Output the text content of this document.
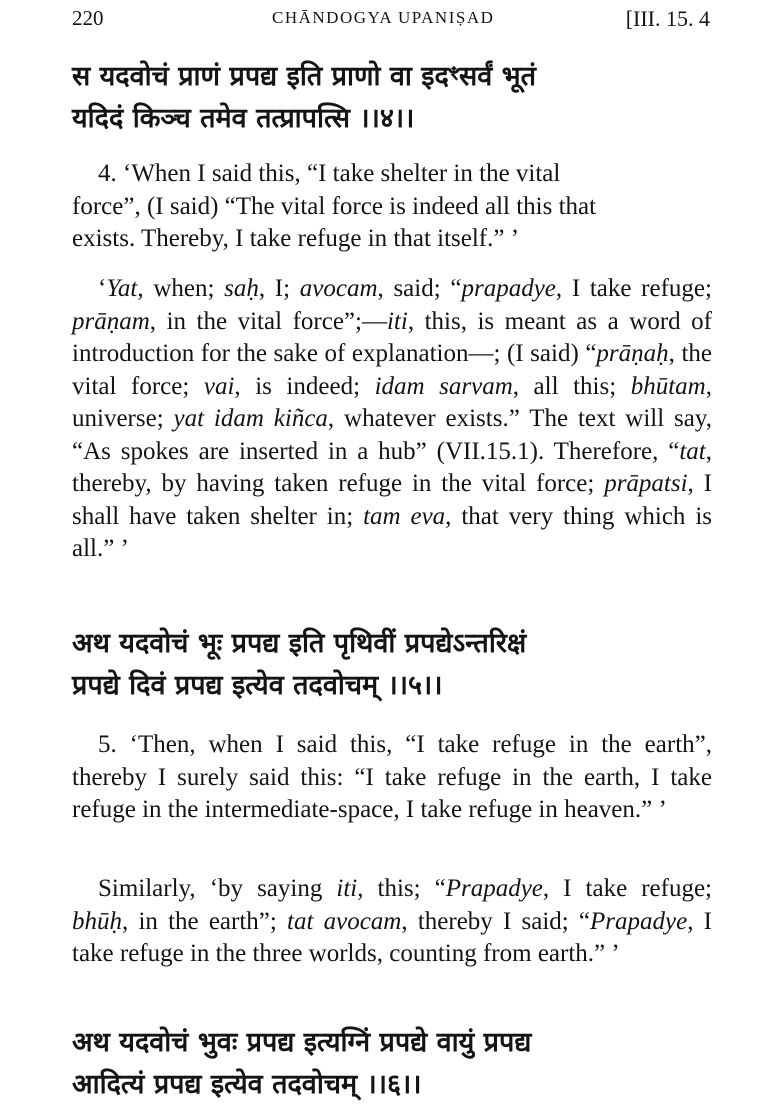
220	CHĀNDOGYA UPANIṢAD	[III. 15. 4
स यदवोचं प्राणं प्रपद्य इति प्राणो वा इदꣳसर्वं भूतं
यदिदं किञ्च तमेव तत्प्रापत्सि ।।४।।
4. ‘When I said this, “I take shelter in the vital
force”, (I said) “The vital force is indeed all this that
exists. Thereby, I take refuge in that itself.” ’
‘Yat, when; saḥ, I; avocam, said; “prapadye, I take refuge; prāṇam, in the vital force”;—iti, this, is meant as a word of introduction for the sake of explanation—; (I said) “prāṇaḥ, the vital force; vai, is indeed; idam sarvam, all this; bhūtam, universe; yat idam kiñca, whatever exists.” The text will say, “As spokes are inserted in a hub” (VII.15.1). Therefore, “tat, thereby, by having taken refuge in the vital force; prāpatsi, I shall have taken shelter in; tam eva, that very thing which is all.” ’
अथ यदवोचं भूः प्रपद्य इति पृथिवीं प्रपद्येऽन्तरिक्षं
प्रपद्ये दिवं प्रपद्य इत्येव तदवोचम् ।।५।।
5. ‘Then, when I said this, “I take refuge in the earth”, thereby I surely said this: “I take refuge in the earth, I take refuge in the intermediate-space, I take refuge in heaven.” ’
Similarly, ‘by saying iti, this; “Prapadye, I take refuge; bhūḥ, in the earth”; tat avocam, thereby I said; “Prapadye, I take refuge in the three worlds, counting from earth.” ’
अथ यदवोचं भुवः प्रपद्य इत्यग्निं प्रपद्ये वायुं प्रपद्य
आदित्यं प्रपद्य इत्येव तदवोचम् ।।६।।
